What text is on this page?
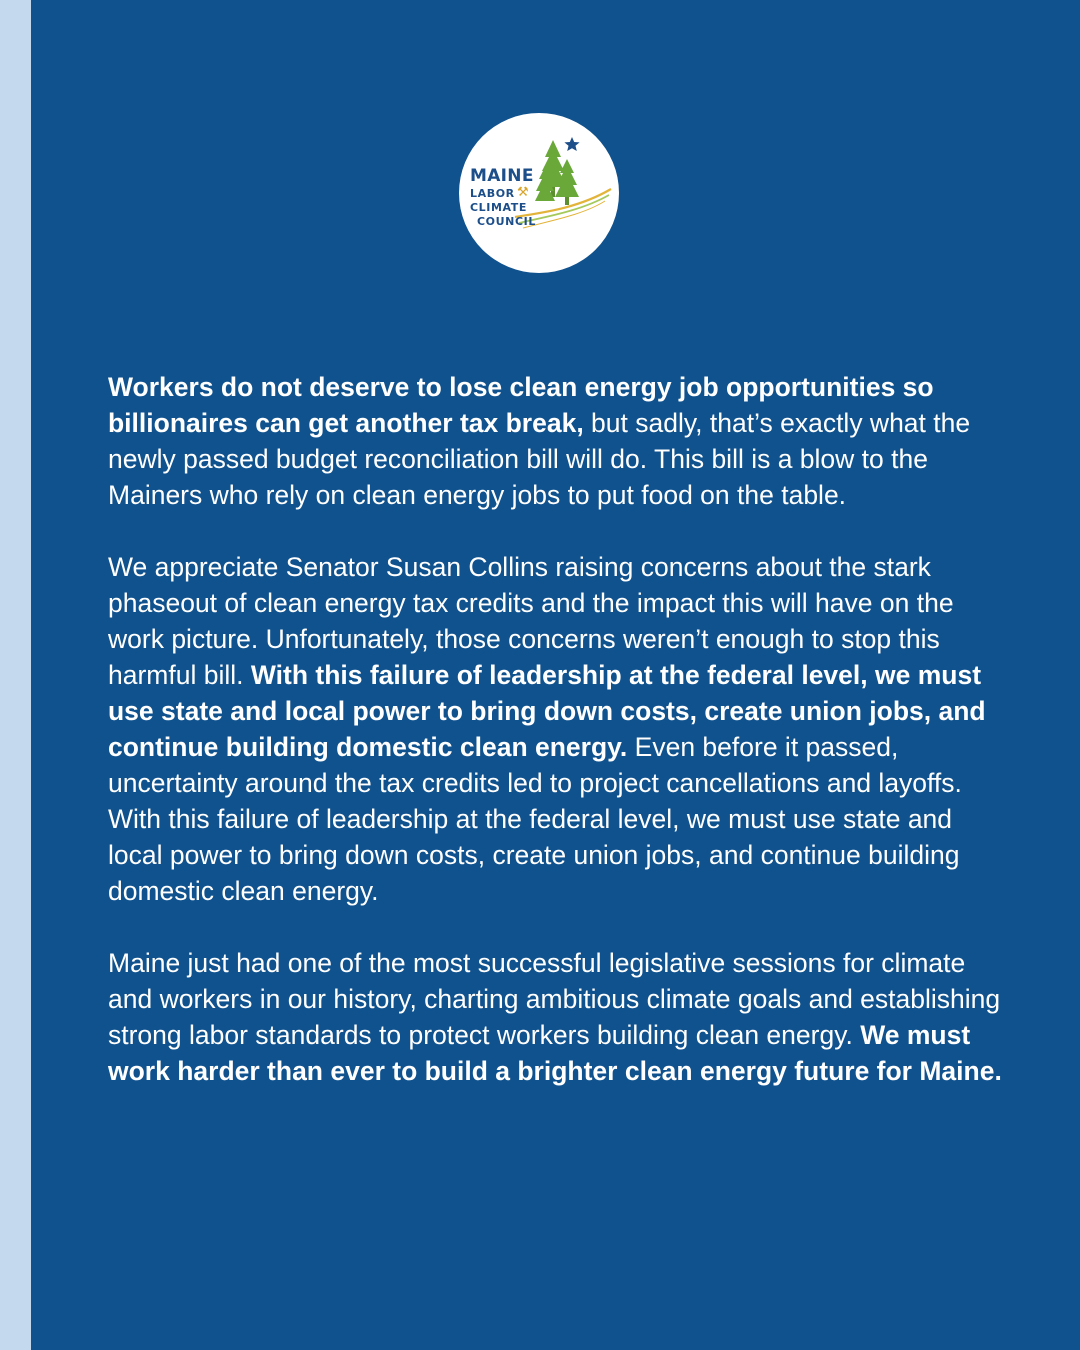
MAINE
LABOR ⚒
CLIMATE
COUNCIL

Workers do not deserve to lose clean energy job opportunities so billionaires can get another tax break, but sadly, that’s exactly what the newly passed budget reconciliation bill will do. This bill is a blow to the Mainers who rely on clean energy jobs to put food on the table.

We appreciate Senator Susan Collins raising concerns about the stark phaseout of clean energy tax credits and the impact this will have on the work picture. Unfortunately, those concerns weren’t enough to stop this harmful bill. With this failure of leadership at the federal level, we must use state and local power to bring down costs, create union jobs, and continue building domestic clean energy. Even before it passed, uncertainty around the tax credits led to project cancellations and layoffs. With this failure of leadership at the federal level, we must use state and local power to bring down costs, create union jobs, and continue building domestic clean energy.

Maine just had one of the most successful legislative sessions for climate and workers in our history, charting ambitious climate goals and establishing strong labor standards to protect workers building clean energy. We must work harder than ever to build a brighter clean energy future for Maine.
